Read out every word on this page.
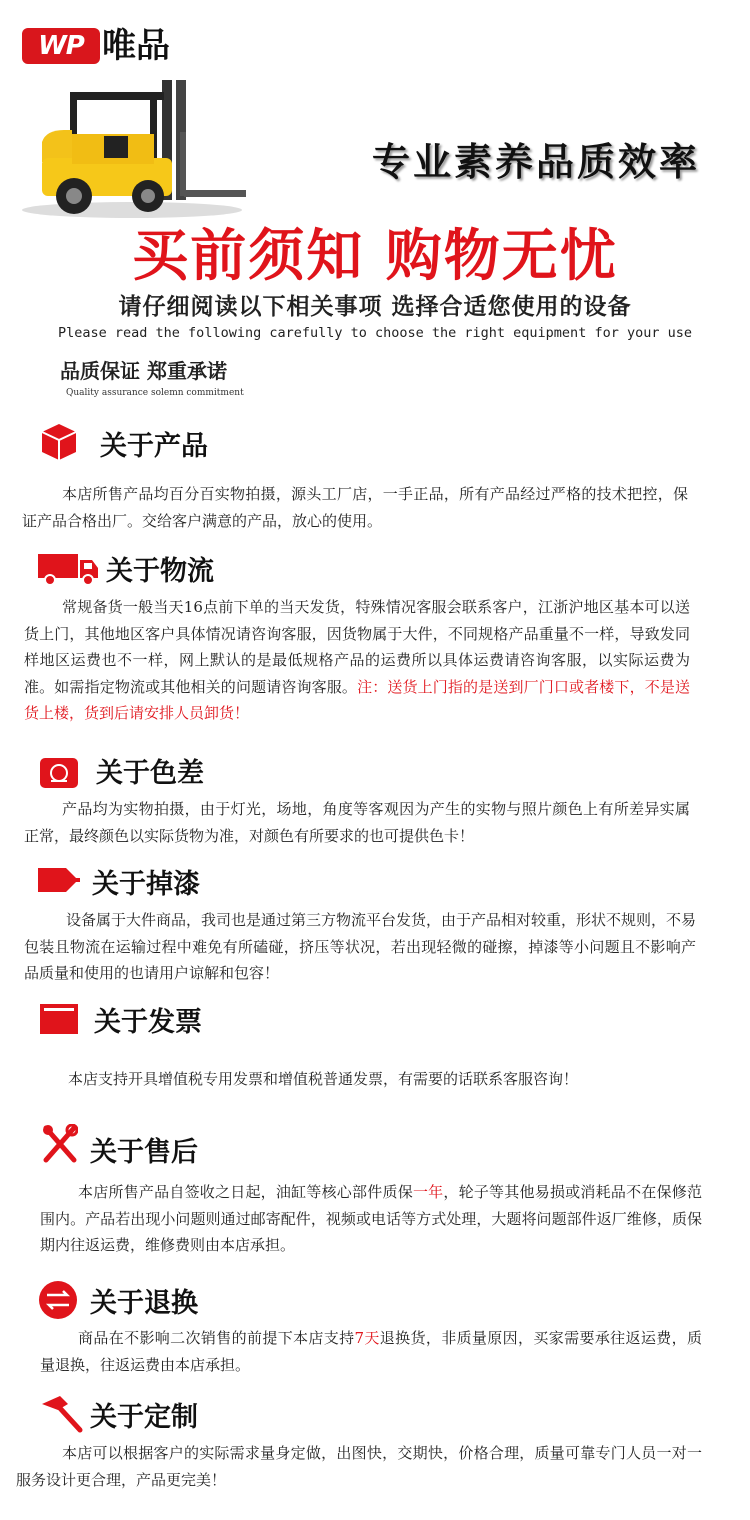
WP 唯品
专业素养品质效率
买前须知 购物无忧
请仔细阅读以下相关事项 选择合适您使用的设备
Please read the following carefully to choose the right equipment for your use
品质保证 郑重承诺
Quality assurance solemn commitment
关于产品
本店所售产品均百分百实物拍摄，源头工厂店，一手正品，所有产品经过严格的技术把控，保证产品合格出厂。交给客户满意的产品，放心的使用。
关于物流
常规备货一般当天16点前下单的当天发货，特殊情况客服会联系客户，江浙沪地区基本可以送货上门，其他地区客户具体情况请咨询客服，因货物属于大件，不同规格产品重量不一样，导致发同样地区运费也不一样，网上默认的是最低规格产品的运费所以具体运费请咨询客服，以实际运费为准。如需指定物流或其他相关的问题请咨询客服。注：送货上门指的是送到厂门口或者楼下，不是送货上楼，货到后请安排人员卸货！
关于色差
产品均为实物拍摄，由于灯光，场地，角度等客观因为产生的实物与照片颜色上有所差异实属正常，最终颜色以实际货物为准，对颜色有所要求的也可提供色卡！
关于掉漆
设备属于大件商品，我司也是通过第三方物流平台发货，由于产品相对较重，形状不规则，不易包装且物流在运输过程中难免有所磕碰，挤压等状况，若出现轻微的碰擦，掉漆等小问题且不影响产品质量和使用的也请用户谅解和包容！
关于发票
本店支持开具增值税专用发票和增值税普通发票，有需要的话联系客服咨询！
关于售后
本店所售产品自签收之日起，油缸等核心部件质保一年，轮子等其他易损或消耗品不在保修范围内。产品若出现小问题则通过邮寄配件，视频或电话等方式处理，大题将问题部件返厂维修，质保期内往返运费，维修费则由本店承担。
关于退换
商品在不影响二次销售的前提下本店支持7天退换货，非质量原因，买家需要承往返运费，质量退换，往返运费由本店承担。
关于定制
本店可以根据客户的实际需求量身定做，出图快，交期快，价格合理，质量可靠专门人员一对一服务设计更合理，产品更完美！
